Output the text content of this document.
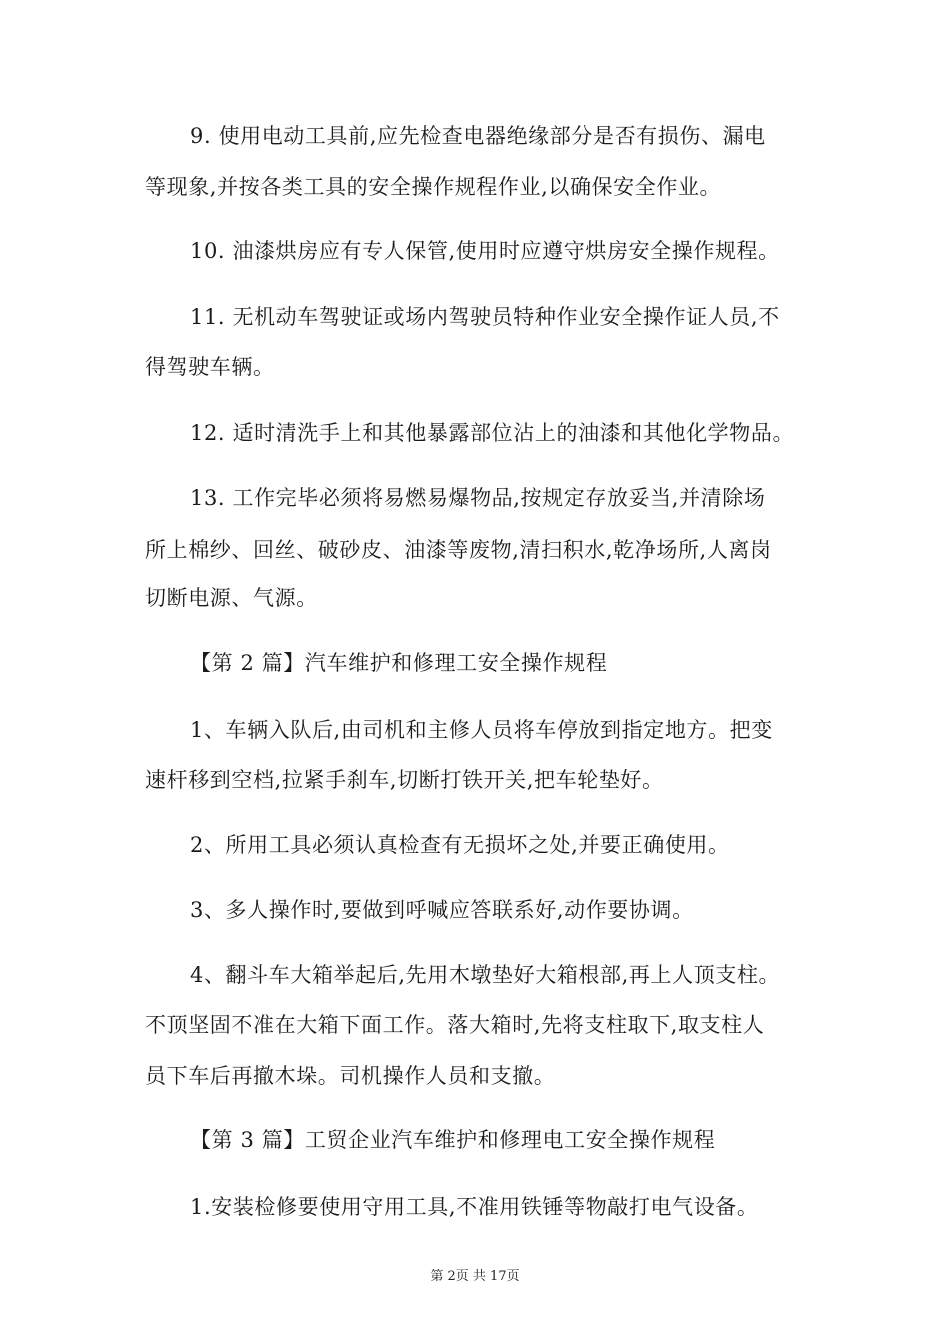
9. 使用电动工具前,应先检查电器绝缘部分是否有损伤、漏电
等现象,并按各类工具的安全操作规程作业,以确保安全作业。
10. 油漆烘房应有专人保管,使用时应遵守烘房安全操作规程。
11. 无机动车驾驶证或场内驾驶员特种作业安全操作证人员,不
得驾驶车辆。
12. 适时清洗手上和其他暴露部位沾上的油漆和其他化学物品。
13. 工作完毕必须将易燃易爆物品,按规定存放妥当,并清除场
所上棉纱、回丝、破砂皮、油漆等废物,清扫积水,乾净场所,人离岗
切断电源、气源。
【第 2 篇】汽车维护和修理工安全操作规程
1、车辆入队后,由司机和主修人员将车停放到指定地方。把变
速杆移到空档,拉紧手刹车,切断打铁开关,把车轮垫好。
2、所用工具必须认真检查有无损坏之处,并要正确使用。
3、多人操作时,要做到呼喊应答联系好,动作要协调。
4、翻斗车大箱举起后,先用木墩垫好大箱根部,再上人顶支柱。
不顶坚固不准在大箱下面工作。落大箱时,先将支柱取下,取支柱人
员下车后再撤木垛。司机操作人员和支撤。
【第 3 篇】工贸企业汽车维护和修理电工安全操作规程
1.安装检修要使用守用工具,不准用铁锤等物敲打电气设备。
第 2页 共 17页
